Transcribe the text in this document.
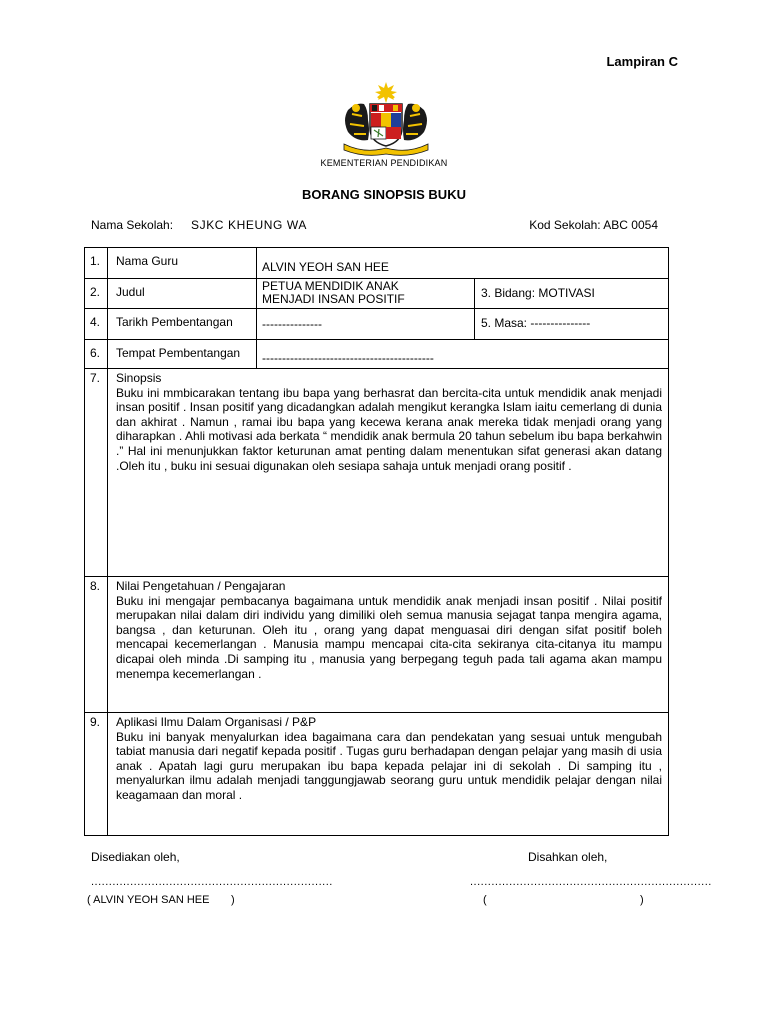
Lampiran C
KEMENTERIAN PENDIDIKAN
BORANG SINOPSIS BUKU
Nama Sekolah: SJKC KHEUNG WA	Kod Sekolah: ABC 0054
1.	Nama Guru	ALVIN YEOH SAN HEE	
2.	Judul	PETUA MENDIDIK ANAK
MENJADI INSAN POSITIF	3. Bidang: MOTIVASI
4.	Tarikh Pembentangan	---------------	5. Masa: ---------------
6.	Tempat Pembentangan	-------------------------------------------	
7.	Sinopsis
Buku ini mmbicarakan tentang ibu bapa yang berhasrat dan bercita-cita untuk mendidik anak menjadi insan positif . Insan positif yang dicadangkan adalah mengikut kerangka Islam iaitu cemerlang di dunia dan akhirat . Namun , ramai ibu bapa yang kecewa kerana anak mereka tidak menjadi orang yang diharapkan . Ahli motivasi ada berkata “ mendidik anak bermula 20 tahun sebelum ibu bapa berkahwin .” Hal ini menunjukkan faktor keturunan amat penting dalam menentukan sifat generasi akan datang .Oleh itu , buku ini sesuai digunakan oleh sesiapa sahaja untuk menjadi orang positif .		

8.	Nilai Pengetahuan / Pengajaran
Buku ini mengajar pembacanya bagaimana untuk mendidik anak menjadi insan positif . Nilai positif merupakan nilai dalam diri individu yang dimiliki oleh semua manusia sejagat tanpa mengira agama, bangsa , dan keturunan. Oleh itu , orang yang dapat menguasai diri dengan sifat positif boleh mencapai kecemerlangan . Manusia mampu mencapai cita-cita sekiranya cita-citanya itu mampu dicapai oleh minda .Di samping itu , manusia yang berpegang teguh pada tali agama akan mampu menempa kecemerlangan .		

9.	Aplikasi Ilmu Dalam Organisasi / P&P
Buku ini banyak menyalurkan idea bagaimana cara dan pendekatan yang sesuai untuk mengubah tabiat manusia dari negatif kepada positif . Tugas guru berhadapan dengan pelajar yang masih di usia anak . Apatah lagi guru merupakan ibu bapa kepada pelajar ini di sekolah . Di samping itu , menyalurkan ilmu adalah menjadi tanggungjawab seorang guru untuk mendidik pelajar dengan nilai keagamaan dan moral .		
Disediakan oleh,	Disahkan oleh,
....................................................................	....................................................................
( ALVIN YEOH SAN HEE )	(	)
